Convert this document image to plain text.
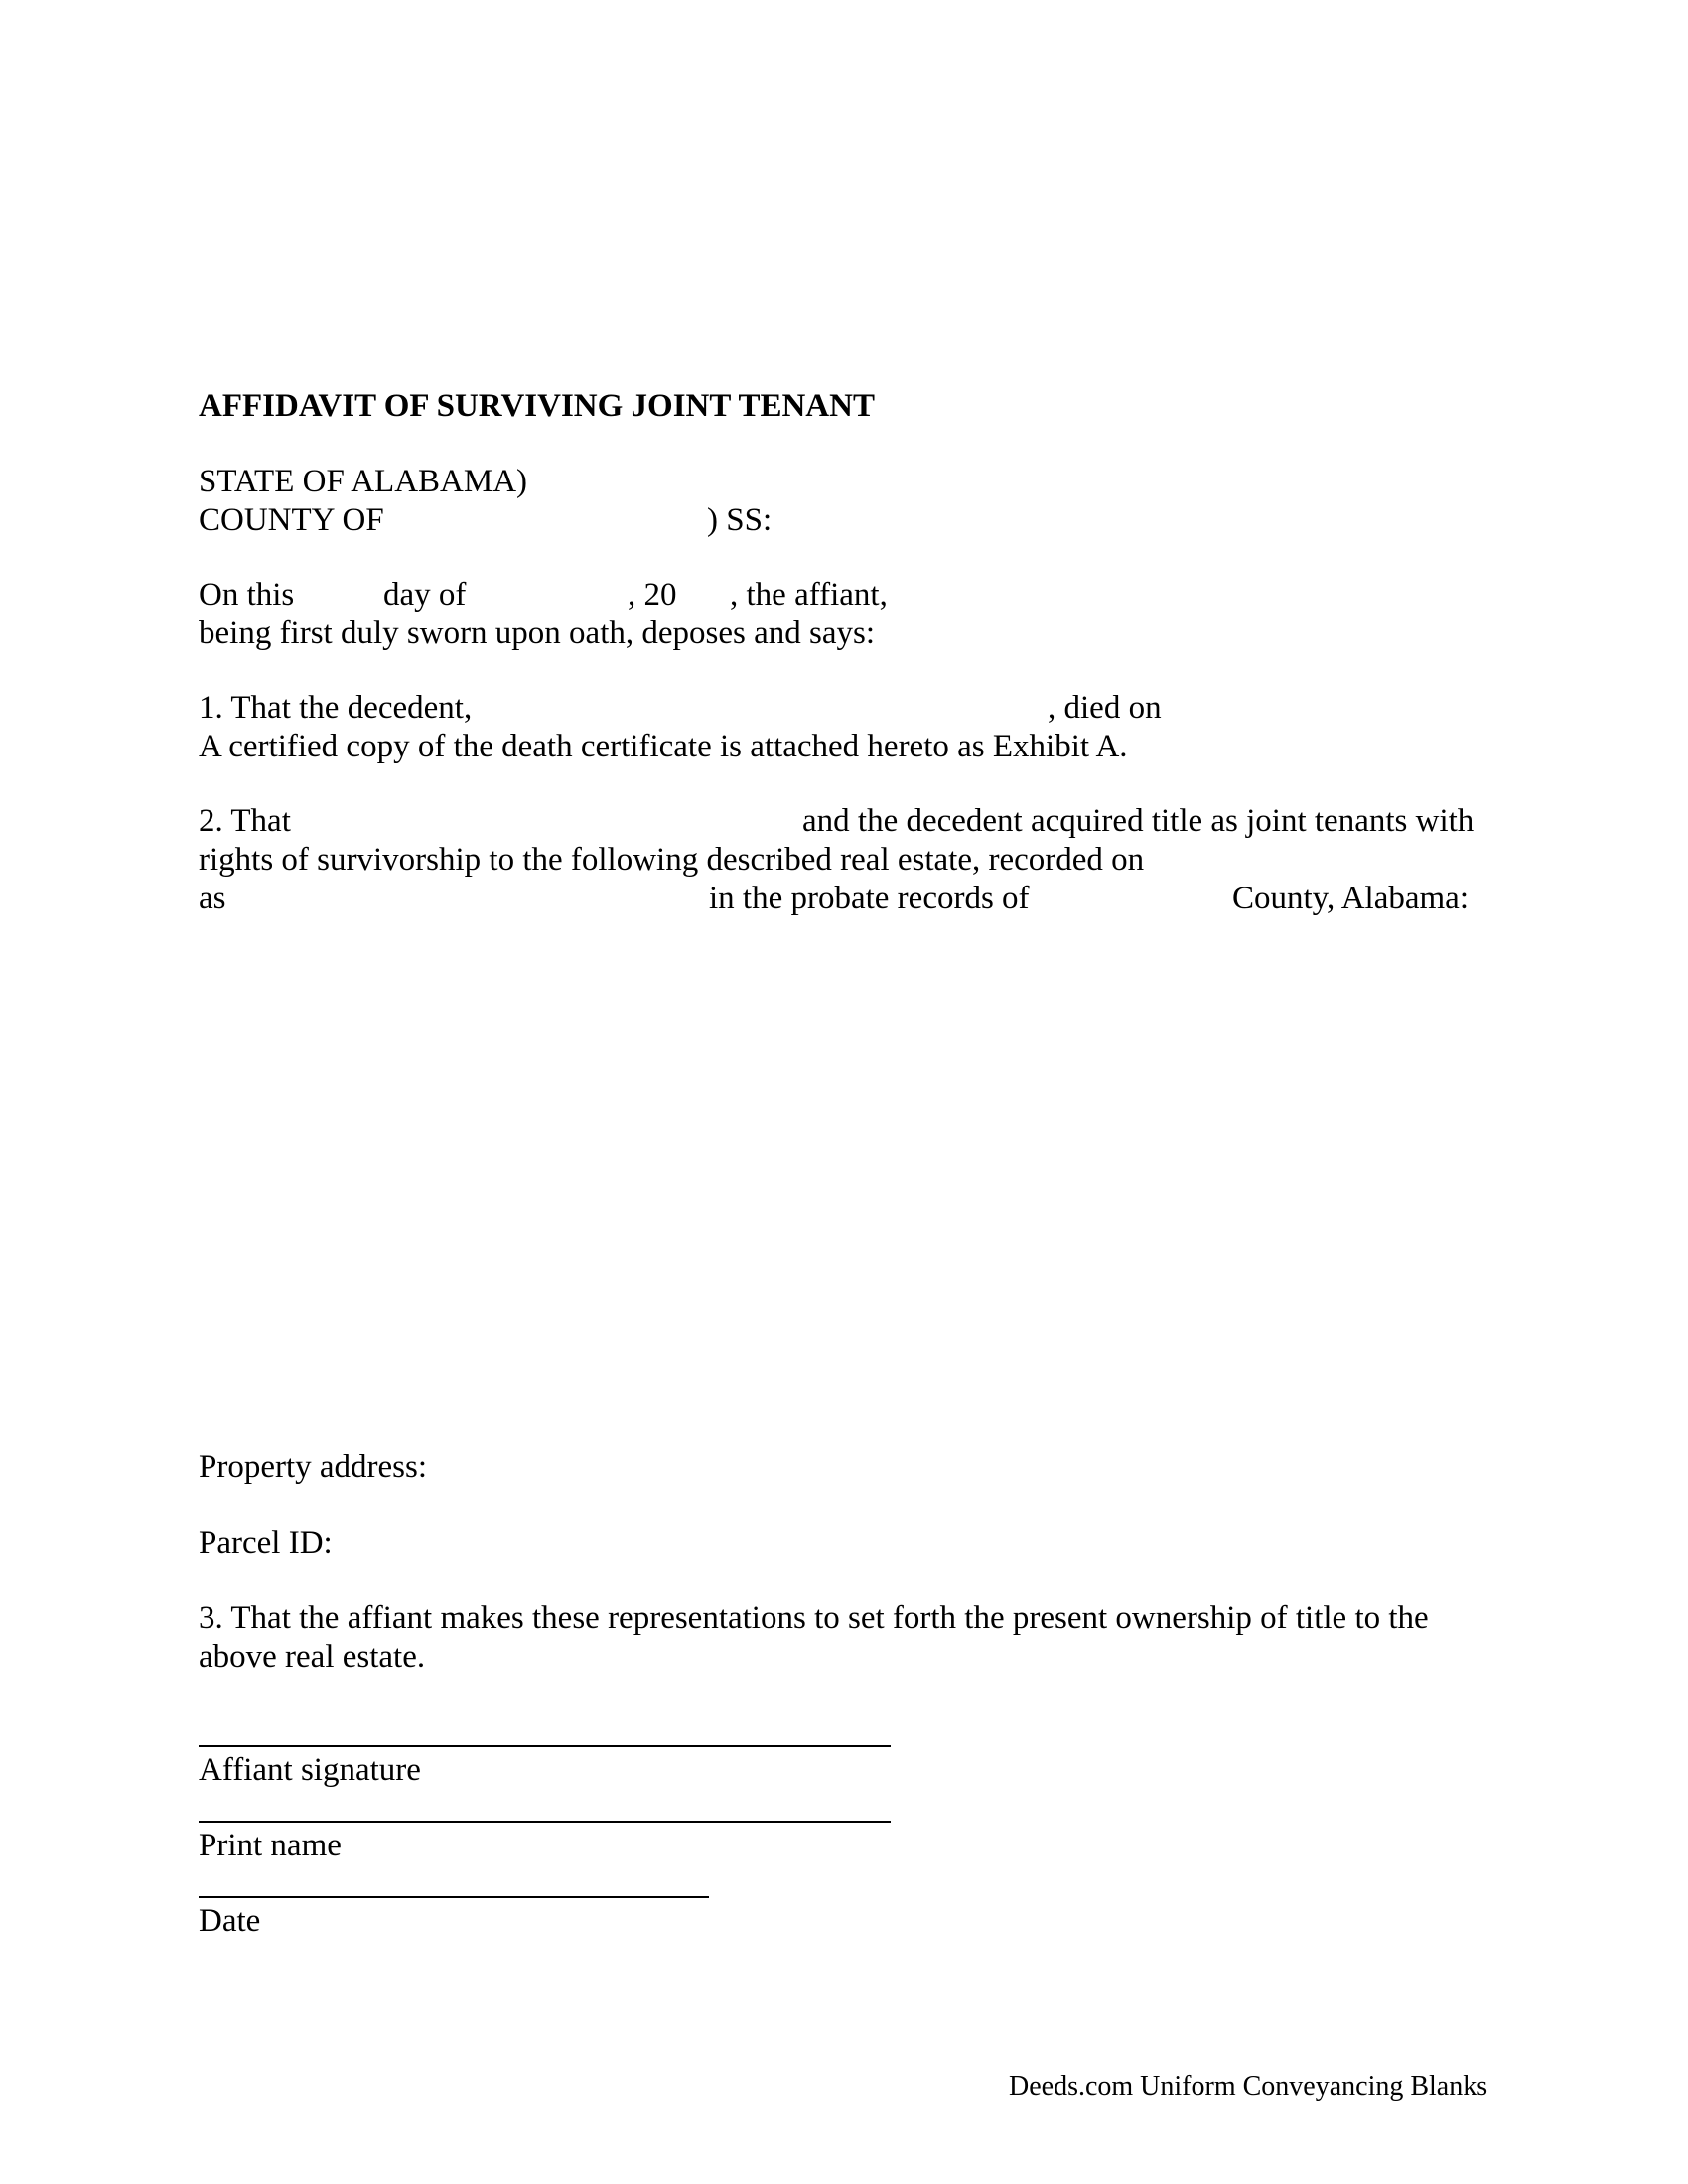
AFFIDAVIT OF SURVIVING JOINT TENANT
STATE OF ALABAMA)
COUNTY OF	) SS:
On this	day of	, 20 , the affiant,
being first duly sworn upon oath, deposes and says:
1. That the decedent,	, died on
A certified copy of the death certificate is attached hereto as Exhibit A.
2. That	and the decedent acquired title as joint tenants with
rights of survivorship to the following described real estate, recorded on
as	in the probate records of	County, Alabama:
Property address:
Parcel ID:
3. That the affiant makes these representations to set forth the present ownership of title to the
above real estate.
Affiant signature
Print name
Date
Deeds.com Uniform Conveyancing Blanks
